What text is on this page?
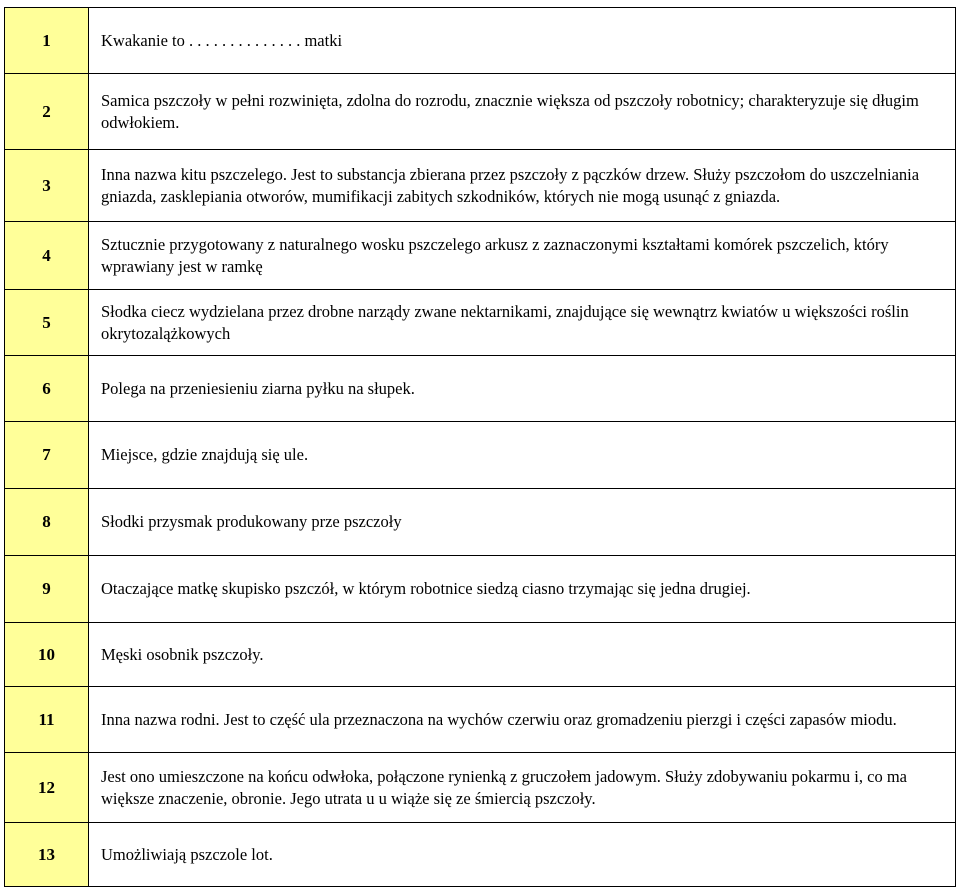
1	Kwakanie to . . . . . . . . . . . . . . matki
2	Samica pszczoły w pełni rozwinięta, zdolna do rozrodu, znacznie większa od pszczoły robotnicy; charakteryzuje się długim odwłokiem.
3	Inna nazwa kitu pszczelego. Jest to substancja zbierana przez pszczoły z pączków drzew. Służy pszczołom do uszczelniania gniazda, zasklepiania otworów, mumifikacji zabitych szkodników, których nie mogą usunąć z gniazda.
4	Sztucznie przygotowany z naturalnego wosku pszczelego arkusz z zaznaczonymi kształtami komórek pszczelich, który wprawiany jest w ramkę
5	Słodka ciecz wydzielana przez drobne narządy zwane nektarnikami, znajdujące się wewnątrz kwiatów u większości roślin okrytozalążkowych
6	Polega na przeniesieniu ziarna pyłku na słupek.
7	Miejsce, gdzie znajdują się ule.
8	Słodki przysmak produkowany prze pszczoły
9	Otaczające matkę skupisko pszczół, w którym robotnice siedzą ciasno trzymając się jedna drugiej.
10	Męski osobnik pszczoły.
11	Inna nazwa rodni. Jest to część ula przeznaczona na wychów czerwiu oraz gromadzeniu pierzgi i części zapasów miodu.
12	Jest ono umieszczone na końcu odwłoka, połączone rynienką z gruczołem jadowym. Służy zdobywaniu pokarmu i, co ma większe znaczenie, obronie. Jego utrata u u wiąże się ze śmiercią pszczoły.
13	Umożliwiają pszczole lot.
